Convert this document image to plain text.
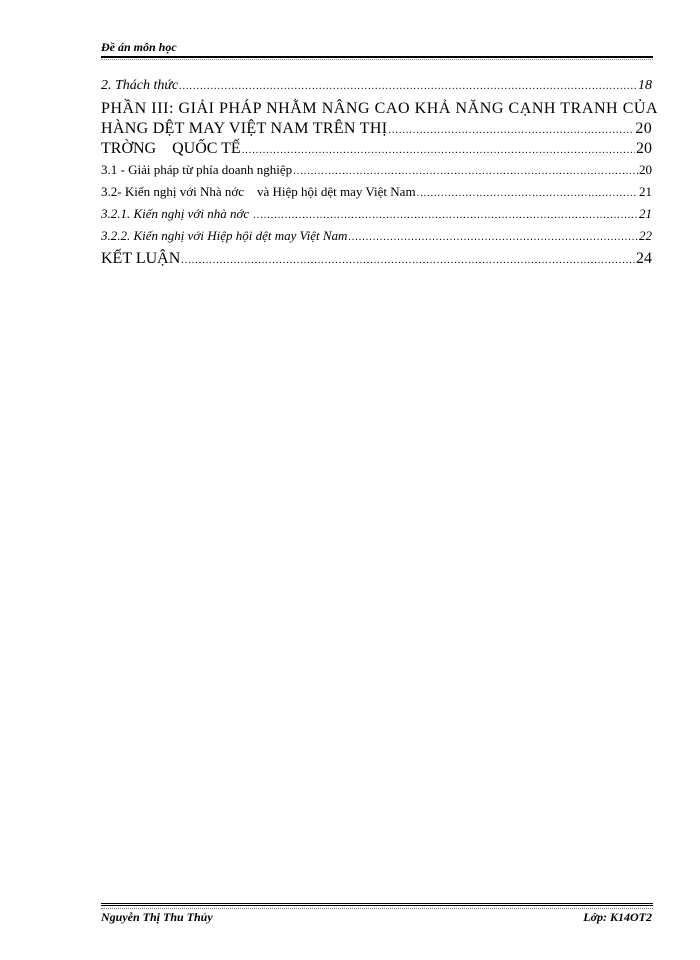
Đề án môn học
2. Thách thức .....	18
PHẦN III: GIẢI PHÁP NHẰM NÂNG CAO KHẢ NĂNG CẠNH TRANH CỦA
HÀNG DỆT MAY VIỆT NAM TRÊN THỊ .....	20
TRỜNG    QUỐC TẾ .....	20
3.1 - Giải pháp từ phía doanh nghiệp .....	20
3.2- Kiến nghị với Nhà nớc    và Hiệp hội dệt may Việt Nam .....	21
3.2.1. Kiến nghị với nhà nớc .....	21
3.2.2. Kiến nghị với Hiệp hội dệt may Việt Nam .....	22
KẾT LUẬN .....	24
Nguyễn Thị Thu Thủy	Lớp: K14OT2
